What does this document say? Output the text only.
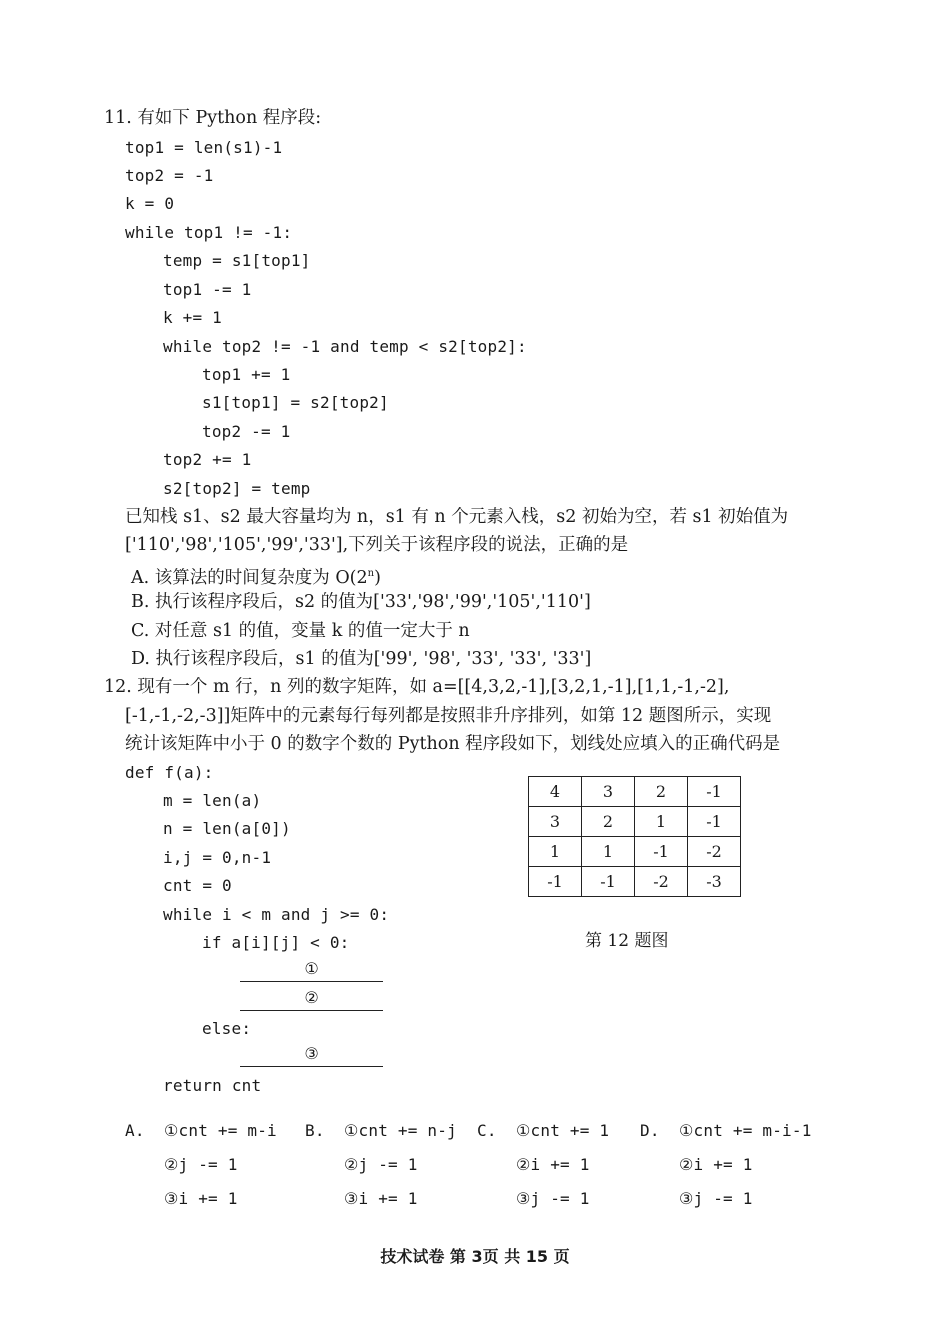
11. 有如下 Python 程序段:
top1 = len(s1)-1
top2 = -1
k = 0
while top1 != -1:
temp = s1[top1]
top1 -= 1
k += 1
while top2 != -1 and temp < s2[top2]:
top1 += 1
s1[top1] = s2[top2]
top2 -= 1
top2 += 1
s2[top2] = temp
已知栈 s1、s2 最大容量均为 n，s1 有 n 个元素入栈，s2 初始为空，若 s1 初始值为
['110','98','105','99','33'],下列关于该程序段的说法，正确的是
A. 该算法的时间复杂度为 O(2$^n$)
B. 执行该程序段后，s2 的值为['33','98','99','105','110']
C. 对任意 s1 的值，变量 k 的值一定大于 n
D. 执行该程序段后，s1 的值为['99', '98', '33', '33', '33']
12. 现有一个 m 行，n 列的数字矩阵，如 a=[[4,3,2,-1],[3,2,1,-1],[1,1,-1,-2],
[-1,-1,-2,-3]]矩阵中的元素每行每列都是按照非升序排列，如第 12 题图所示，实现
统计该矩阵中小于 0 的数字个数的 Python 程序段如下，划线处应填入的正确代码是
def f(a):
m = len(a)
n = len(a[0])
i,j = 0,n-1
cnt = 0
while i < m and j >= 0:
if a[i][j] < 0:
①
②
else:
③
return cnt
4	3	2	-1
3	2	1	-1
1	1	-1	-2
-1	-1	-2	-3
第 12 题图
A. ①cnt += m-i
②j -= 1
③i += 1
B. ①cnt += n-j
②j -= 1
③i += 1
C. ①cnt += 1
②i += 1
③j -= 1
D. ①cnt += m-i-1
②i += 1
③j -= 1
技术试卷 第 3页 共 15 页
